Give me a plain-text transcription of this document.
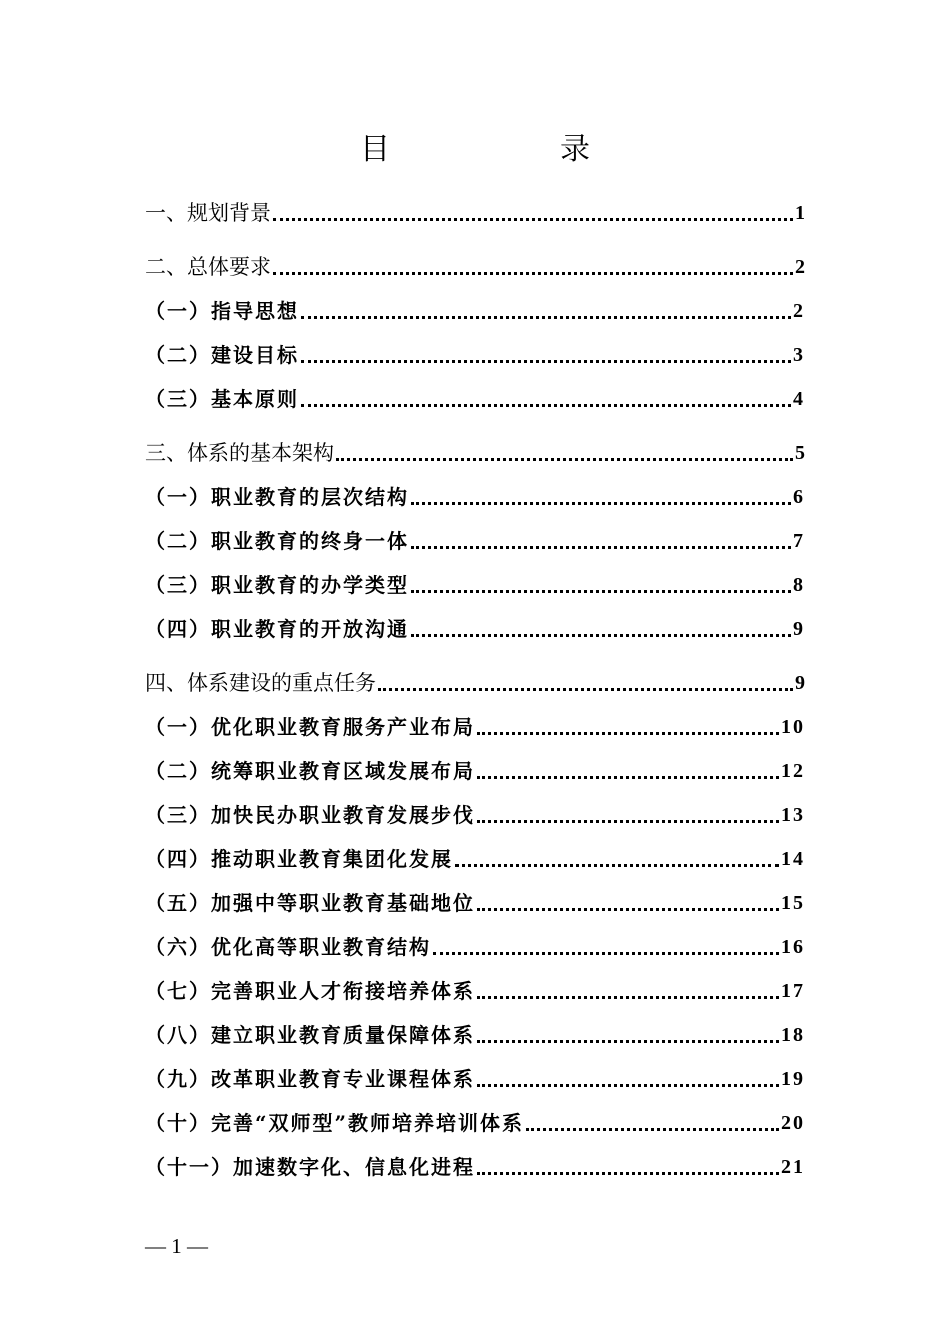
目　录
一、规划背景	1
二、总体要求	2
（一）指导思想	2
（二）建设目标	3
（三）基本原则	4
三、体系的基本架构	5
（一）职业教育的层次结构	6
（二）职业教育的终身一体	7
（三）职业教育的办学类型	8
（四）职业教育的开放沟通	9
四、体系建设的重点任务	9
（一）优化职业教育服务产业布局	10
（二）统筹职业教育区域发展布局	12
（三）加快民办职业教育发展步伐	13
（四）推动职业教育集团化发展	14
（五）加强中等职业教育基础地位	15
（六）优化高等职业教育结构	16
（七）完善职业人才衔接培养体系	17
（八）建立职业教育质量保障体系	18
（九）改革职业教育专业课程体系	19
（十）完善“双师型”教师培养培训体系	20
（十一）加速数字化、信息化进程	21
— 1 —
